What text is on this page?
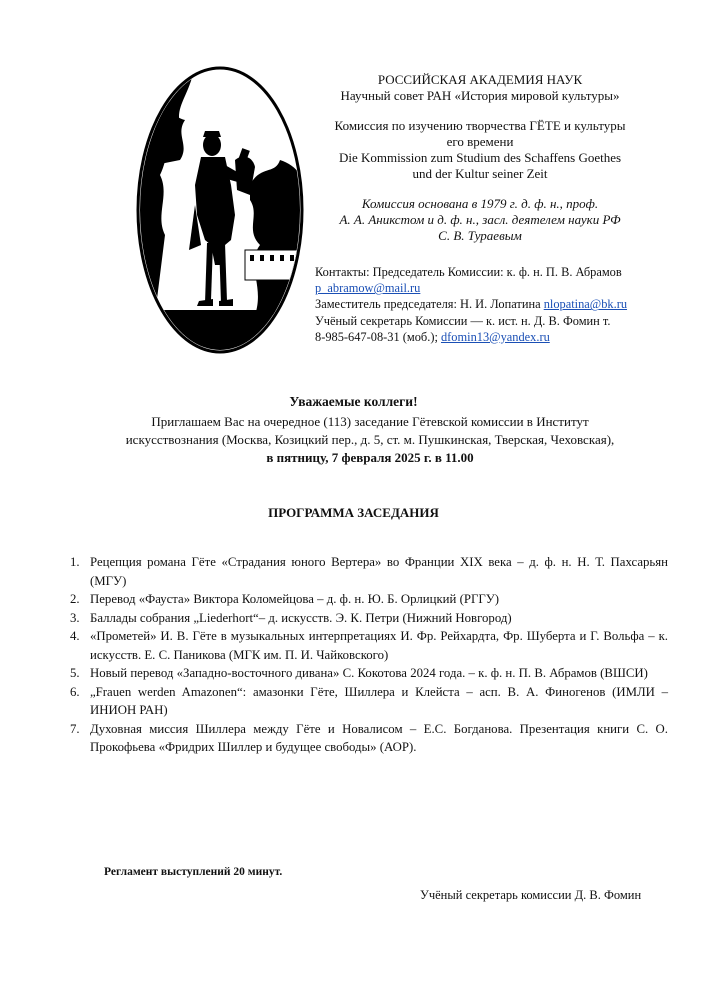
РОССИЙСКАЯ АКАДЕМИЯ НАУК
Научный совет РАН «История мировой культуры»
Комиссия по изучению творчества ГЁТЕ и культуры
его времени
Die Kommission zum Studium des Schaffens Goethes
und der Kultur seiner Zeit
Комиссия основана в 1979 г. д. ф. н., проф.
А. А. Аникстом и д. ф. н., засл. деятелем науки РФ
С. В. Тураевым
Контакты: Председатель Комиссии: к. ф. н. П. В. Абрамов
p_abramow@mail.ru
Заместитель председателя: Н. И. Лопатина nlopatina@bk.ru
Учёный секретарь Комиссии — к. ист. н. Д. В. Фомин т.
8-985-647-08-31 (моб.); dfomin13@yandex.ru
Уважаемые коллеги!
Приглашаем Вас на очередное (113) заседание Гётевской комиссии в Институт
искусствознания (Москва, Козицкий пер., д. 5, ст. м. Пушкинская, Тверская, Чеховская),
в пятницу, 7 февраля 2025 г. в 11.00
ПРОГРАММА ЗАСЕДАНИЯ
1. Рецепция романа Гёте «Страдания юного Вертера» во Франции XIX века – д. ф. н. Н. Т. Пахсарьян (МГУ)
2. Перевод «Фауста» Виктора Коломейцова – д. ф. н. Ю. Б. Орлицкий (РГГУ)
3. Баллады собрания „Liederhort“– д. искусств. Э. К. Петри (Нижний Новгород)
4. «Прометей» И. В. Гёте в музыкальных интерпретациях И. Фр. Рейхардта, Фр. Шуберта и Г. Вольфа – к. искусств. Е. С. Паникова (МГК им. П. И. Чайковского)
5. Новый перевод «Западно-восточного дивана» С. Кокотова 2024 года. – к. ф. н. П. В. Абрамов (ВШСИ)
6. „Frauen werden Amazonen“: амазонки Гёте, Шиллера и Клейста – асп. В. А. Финогенов (ИМЛИ – ИНИОН РАН)
7. Духовная миссия Шиллера между Гёте и Новалисом – Е.С. Богданова. Презентация книги С. О. Прокофьева «Фридрих Шиллер и будущее свободы» (АОР).
Регламент выступлений 20 минут.
Учёный секретарь комиссии Д. В. Фомин
